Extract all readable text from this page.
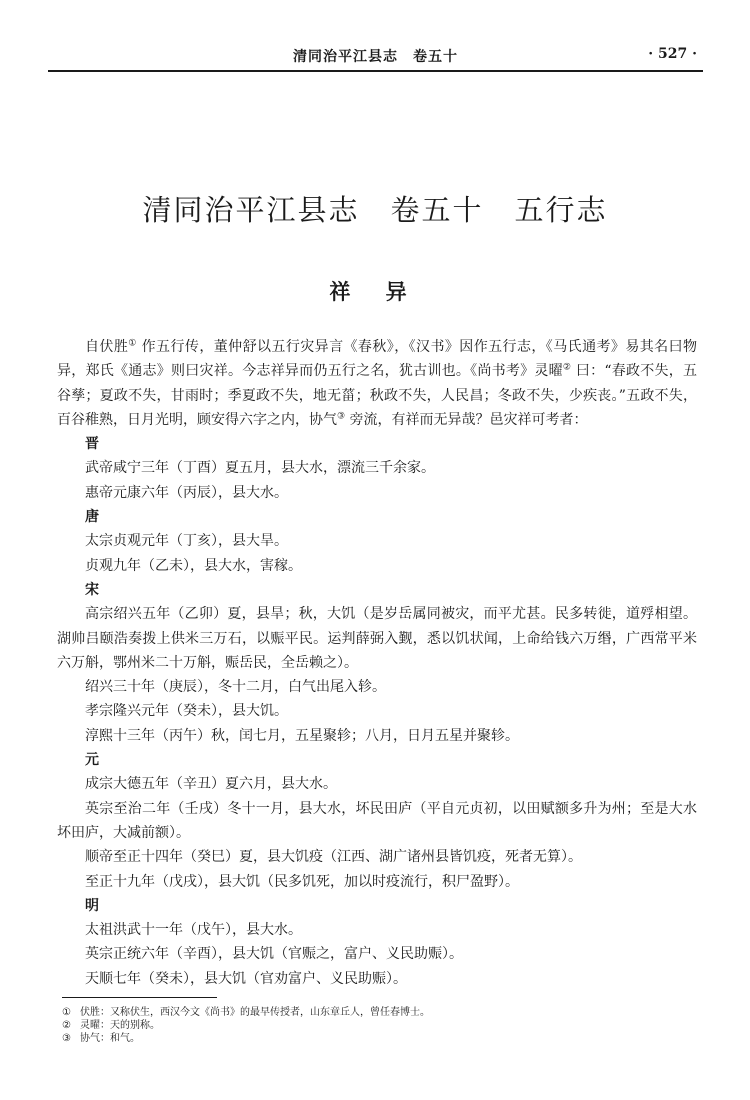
清同治平江县志　卷五十	· 527 ·
清同治平江县志　卷五十　五行志
祥 异

自伏胜① 作五行传，董仲舒以五行灾异言《春秋》，《汉书》因作五行志，《马氏通考》易其名曰物异，郑氏《通志》则曰灾祥。今志祥异而仍五行之名，犹古训也。《尚书考》灵曜② 曰：“春政不失，五谷孳；夏政不失，甘雨时；季夏政不失，地无菑；秋政不失，人民昌；冬政不失，少疾丧。”五政不失，百谷稚熟，日月光明，顾安得六字之内，协气③ 旁流，有祥而无异哉？邑灾祥可考者：

晋

武帝咸宁三年（丁酉）夏五月，县大水，漂流三千余家。

惠帝元康六年（丙辰），县大水。

唐

太宗贞观元年（丁亥），县大旱。

贞观九年（乙未），县大水，害稼。

宋

高宗绍兴五年（乙卯）夏，县旱；秋，大饥（是岁岳属同被灾，而平尤甚。民多转徙，道殍相望。湖帅吕颐浩奏拨上供米三万石，以赈平民。运判薛弼入觐，悉以饥状闻，上命给钱六万缗，广西常平米六万斛，鄂州米二十万斛，赈岳民，全岳赖之）。

绍兴三十年（庚辰），冬十二月，白气出尾入轸。

孝宗隆兴元年（癸未），县大饥。

淳熙十三年（丙午）秋，闰七月，五星聚轸；八月，日月五星并聚轸。

元

成宗大德五年（辛丑）夏六月，县大水。

英宗至治二年（壬戌）冬十一月，县大水，坏民田庐（平自元贞初，以田赋额多升为州；至是大水坏田庐，大减前额）。

顺帝至正十四年（癸巳）夏，县大饥疫（江西、湖广诸州县皆饥疫，死者无算）。

至正十九年（戊戌），县大饥（民多饥死，加以时疫流行，积尸盈野）。

明

太祖洪武十一年（戊午），县大水。

英宗正统六年（辛酉），县大饥（官赈之，富户、义民助赈）。

天顺七年（癸未），县大饥（官劝富户、义民助赈）。

① 伏胜：又称伏生，西汉今文《尚书》的最早传授者，山东章丘人，曾任春博士。
② 灵曜：天的别称。
③ 协气：和气。
